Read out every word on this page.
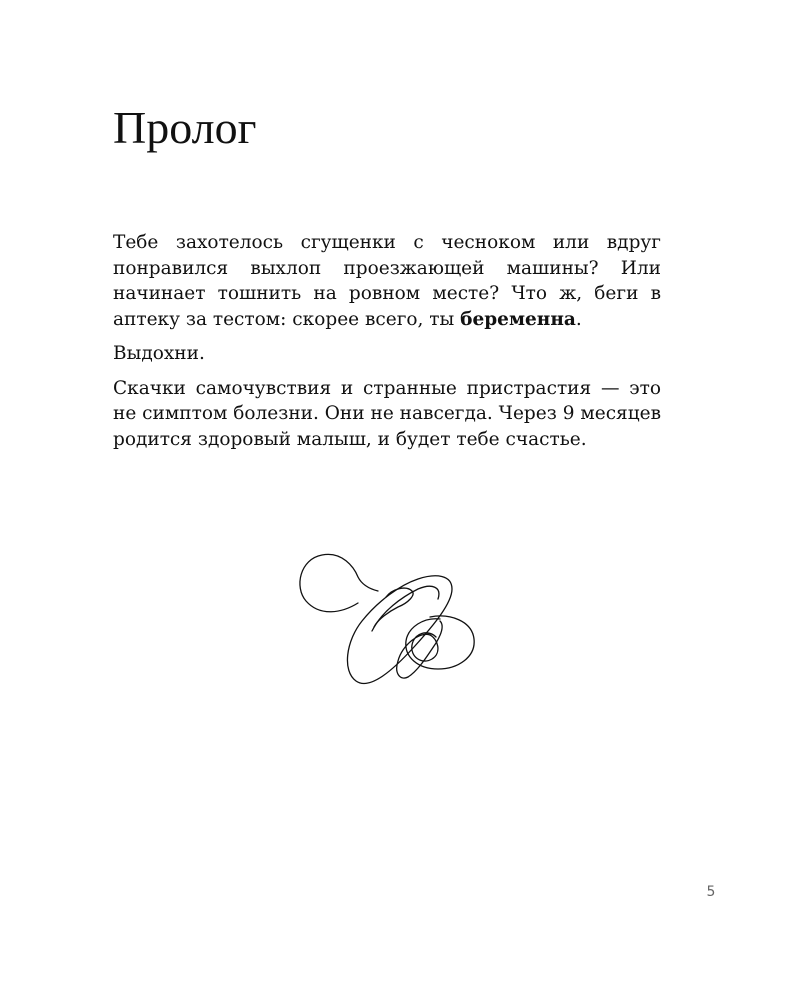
Пролог

Тебе захотелось сгущенки с чесноком или вдруг понравился выхлоп проезжающей машины? Или начинает тошнить на ровном месте? Что ж, беги в аптеку за тестом: скорее всего, ты беременна.

Выдохни.

Скачки самочувствия и странные пристрастия — это не симптом болезни. Они не навсегда. Через 9 месяцев родится здоровый малыш, и будет тебе счастье.

5
